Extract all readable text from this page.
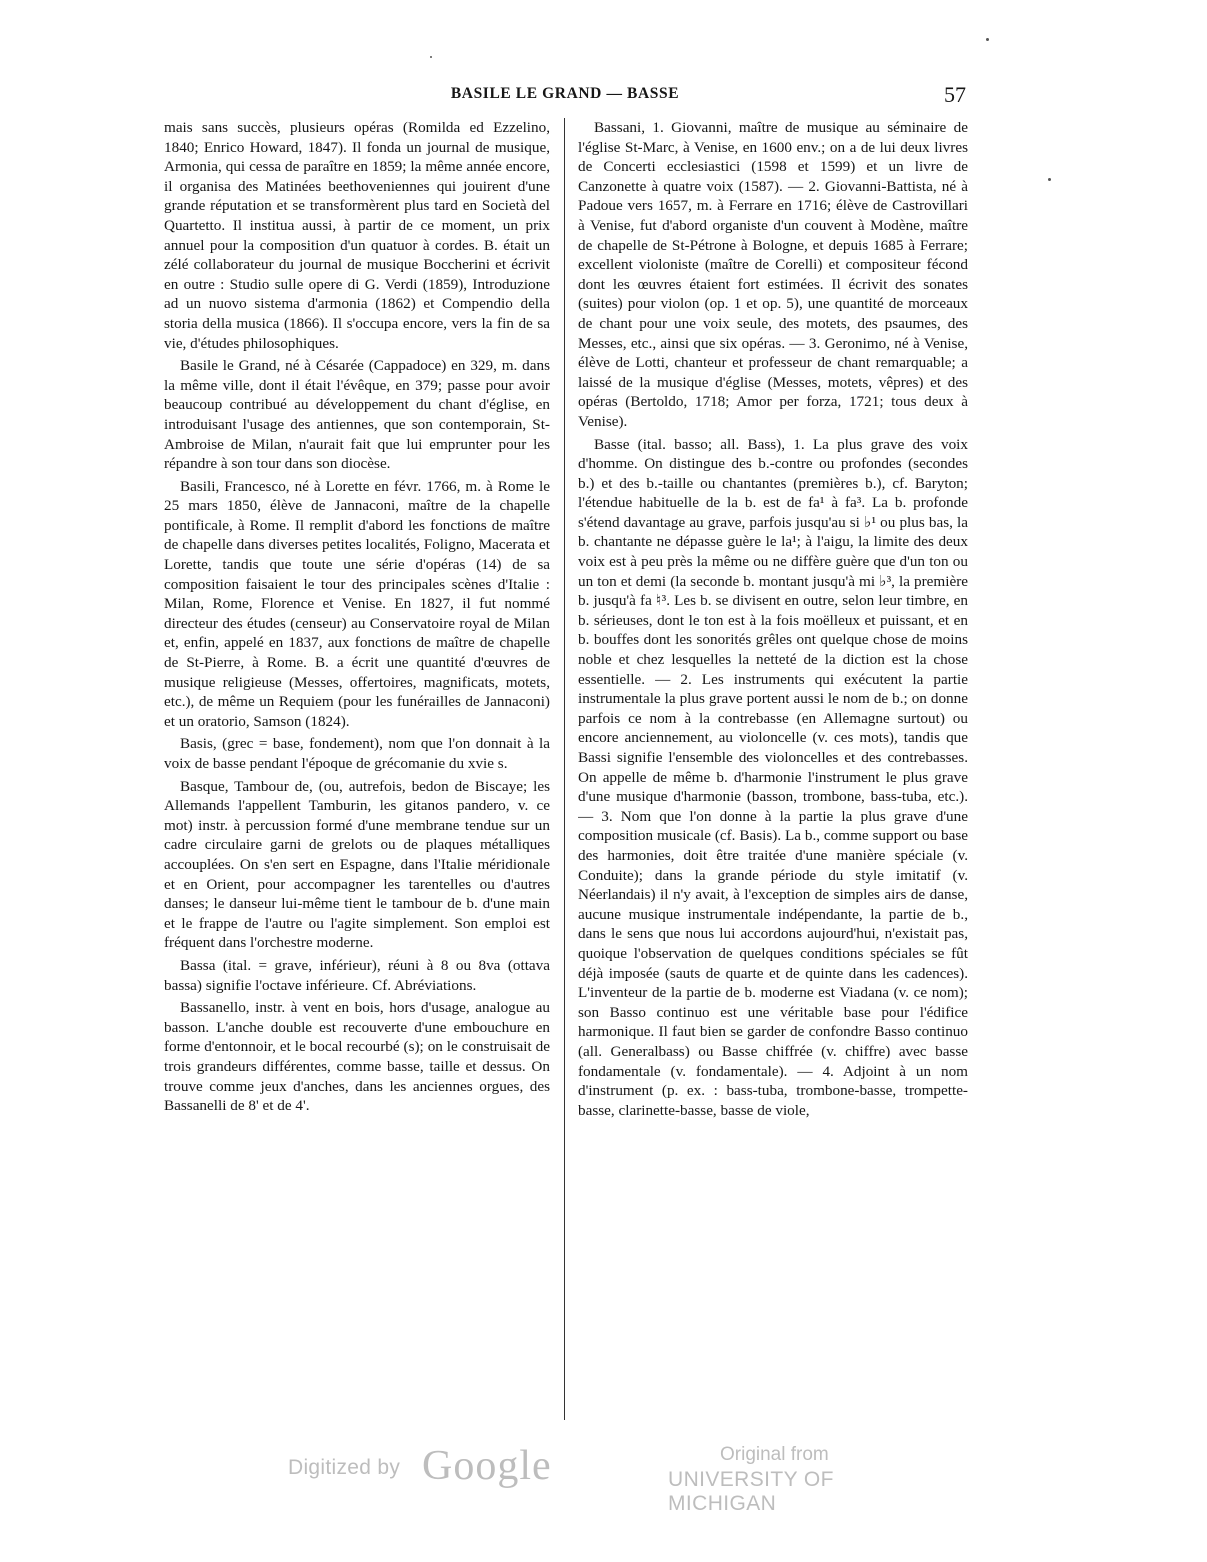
BASILE LE GRAND — BASSE	57

mais sans succès, plusieurs opéras (Romilda ed Ezzelino, 1840; Enrico Howard, 1847). Il fonda un journal de musique, Armonia, qui cessa de paraître en 1859; la même année encore, il organisa des Matinées beethoveniennes qui jouirent d'une grande réputation et se transformèrent plus tard en Società del Quartetto. Il institua aussi, à partir de ce moment, un prix annuel pour la composition d'un quatuor à cordes. B. était un zélé collaborateur du journal de musique Boccherini et écrivit en outre : Studio sulle opere di G. Verdi (1859), Introduzione ad un nuovo sistema d'armonia (1862) et Compendio della storia della musica (1866). Il s'occupa encore, vers la fin de sa vie, d'études philosophiques.

Basile le Grand, né à Césarée (Cappadoce) en 329, m. dans la même ville, dont il était l'évêque, en 379; passe pour avoir beaucoup contribué au développement du chant d'église, en introduisant l'usage des antiennes, que son contemporain, St-Ambroise de Milan, n'aurait fait que lui emprunter pour les répandre à son tour dans son diocèse.

Basili, Francesco, né à Lorette en févr. 1766, m. à Rome le 25 mars 1850, élève de Jannaconi, maître de la chapelle pontificale, à Rome. Il remplit d'abord les fonctions de maître de chapelle dans diverses petites localités, Foligno, Macerata et Lorette, tandis que toute une série d'opéras (14) de sa composition faisaient le tour des principales scènes d'Italie : Milan, Rome, Florence et Venise. En 1827, il fut nommé directeur des études (censeur) au Conservatoire royal de Milan et, enfin, appelé en 1837, aux fonctions de maître de chapelle de St-Pierre, à Rome. B. a écrit une quantité d'œuvres de musique religieuse (Messes, offertoires, magnificats, motets, etc.), de même un Requiem (pour les funérailles de Jannaconi) et un oratorio, Samson (1824).

Basis, (grec = base, fondement), nom que l'on donnait à la voix de basse pendant l'époque de grécomanie du xvie s.

Basque, Tambour de, (ou, autrefois, bedon de Biscaye; les Allemands l'appellent Tamburin, les gitanos pandero, v. ce mot) instr. à percussion formé d'une membrane tendue sur un cadre circulaire garni de grelots ou de plaques métalliques accouplées. On s'en sert en Espagne, dans l'Italie méridionale et en Orient, pour accompagner les tarentelles ou d'autres danses; le danseur lui-même tient le tambour de b. d'une main et le frappe de l'autre ou l'agite simplement. Son emploi est fréquent dans l'orchestre moderne.

Bassa (ital. = grave, inférieur), réuni à 8 ou 8va (ottava bassa) signifie l'octave inférieure. Cf. Abréviations.

Bassanello, instr. à vent en bois, hors d'usage, analogue au basson. L'anche double est recouverte d'une embouchure en forme d'entonnoir, et le bocal recourbé (s); on le construisait de trois grandeurs différentes, comme basse, taille et dessus. On trouve comme jeux d'anches, dans les anciennes orgues, des Bassanelli de 8' et de 4'.

Bassani, 1. Giovanni, maître de musique au séminaire de l'église St-Marc, à Venise, en 1600 env.; on a de lui deux livres de Concerti ecclesiastici (1598 et 1599) et un livre de Canzonette à quatre voix (1587). — 2. Giovanni-Battista, né à Padoue vers 1657, m. à Ferrare en 1716; élève de Castrovillari à Venise, fut d'abord organiste d'un couvent à Modène, maître de chapelle de St-Pétrone à Bologne, et depuis 1685 à Ferrare; excellent violoniste (maître de Corelli) et compositeur fécond dont les œuvres étaient fort estimées. Il écrivit des sonates (suites) pour violon (op. 1 et op. 5), une quantité de morceaux de chant pour une voix seule, des motets, des psaumes, des Messes, etc., ainsi que six opéras. — 3. Geronimo, né à Venise, élève de Lotti, chanteur et professeur de chant remarquable; a laissé de la musique d'église (Messes, motets, vêpres) et des opéras (Bertoldo, 1718; Amor per forza, 1721; tous deux à Venise).

Basse (ital. basso; all. Bass), 1. La plus grave des voix d'homme. On distingue des b.-contre ou profondes (secondes b.) et des b.-taille ou chantantes (premières b.), cf. Baryton; l'étendue habituelle de la b. est de fa¹ à fa³. La b. profonde s'étend davantage au grave, parfois jusqu'au si ♭¹ ou plus bas, la b. chantante ne dépasse guère le la¹; à l'aigu, la limite des deux voix est à peu près la même ou ne diffère guère que d'un ton ou un ton et demi (la seconde b. montant jusqu'à mi ♭³, la première b. jusqu'à fa ♮³. Les b. se divisent en outre, selon leur timbre, en b. sérieuses, dont le ton est à la fois moëlleux et puissant, et en b. bouffes dont les sonorités grêles ont quelque chose de moins noble et chez lesquelles la netteté de la diction est la chose essentielle. — 2. Les instruments qui exécutent la partie instrumentale la plus grave portent aussi le nom de b.; on donne parfois ce nom à la contrebasse (en Allemagne surtout) ou encore anciennement, au violoncelle (v. ces mots), tandis que Bassi signifie l'ensemble des violoncelles et des contrebasses. On appelle de même b. d'harmonie l'instrument le plus grave d'une musique d'harmonie (basson, trombone, bass-tuba, etc.). — 3. Nom que l'on donne à la partie la plus grave d'une composition musicale (cf. Basis). La b., comme support ou base des harmonies, doit être traitée d'une manière spéciale (v. Conduite); dans la grande période du style imitatif (v. Néerlandais) il n'y avait, à l'exception de simples airs de danse, aucune musique instrumentale indépendante, la partie de b., dans le sens que nous lui accordons aujourd'hui, n'existait pas, quoique l'observation de quelques conditions spéciales se fût déjà imposée (sauts de quarte et de quinte dans les cadences). L'inventeur de la partie de b. moderne est Viadana (v. ce nom); son Basso continuo est une véritable base pour l'édifice harmonique. Il faut bien se garder de confondre Basso continuo (all. Generalbass) ou Basse chiffrée (v. chiffre) avec basse fondamentale (v. fondamentale). — 4. Adjoint à un nom d'instrument (p. ex. : bass-tuba, trombone-basse, trompette-basse, clarinette-basse, basse de viole,

Digitized by Google	Original from
UNIVERSITY OF MICHIGAN
